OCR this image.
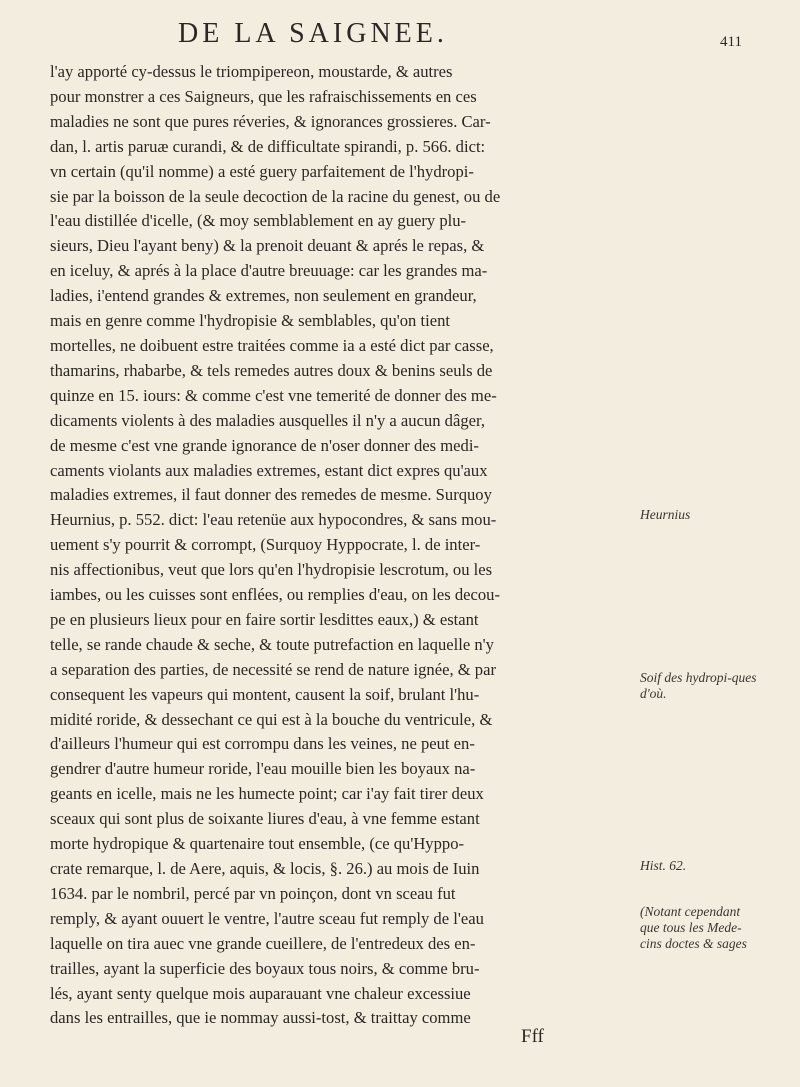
DE LA SAIGNEE.	411
l'ay apporté cy-dessus le triompipereon, moustarde, & autres
pour monstrer a ces Saigneurs, que les rafraischissements en ces
maladies ne sont que pures réveries, & ignorances grossieres. Car-
dan, l. artis paruæ curandi, & de difficultate spirandi, p. 566. dict:
vn certain (qu'il nomme) a esté guery parfaitement de l'hydropi-
sie par la boisson de la seule decoction de la racine du genest, ou de
l'eau distillée d'icelle, (& moy semblablement en ay guery plu-
sieurs, Dieu l'ayant beny) & la prenoit deuant & aprés le repas, &
en iceluy, & aprés à la place d'autre breuuage: car les grandes ma-
ladies, i'entend grandes & extremes, non seulement en grandeur,
mais en genre comme l'hydropisie & semblables, qu'on tient
mortelles, ne doibuent estre traitées comme ia a esté dict par casse,
thamarins, rhabarbe, & tels remedes autres doux & benins seuls de
quinze en 15. iours: & comme c'est vne temerité de donner des me-
dicaments violents à des maladies ausquelles il n'y a aucun dâger,
de mesme c'est vne grande ignorance de n'oser donner des medi-
caments violants aux maladies extremes, estant dict expres qu'aux
maladies extremes, il faut donner des remedes de mesme. Surquoy
Heurnius, p. 552. dict: l'eau retenüe aux hypocondres, & sans mou-
uement s'y pourrit & corrompt, (Surquoy Hyppocrate, l. de inter-
nis affectionibus, veut que lors qu'en l'hydropisie lescrotum, ou les
iambes, ou les cuisses sont enflées, ou remplies d'eau, on les decou-
pe en plusieurs lieux pour en faire sortir lesdittes eaux,) & estant
telle, se rande chaude & seche, & toute putrefaction en laquelle n'y
a separation des parties, de necessité se rend de nature ignée, & par
consequent les vapeurs qui montent, causent la soif, brulant l'hu-
midité roride, & dessechant ce qui est à la bouche du ventricule, &
d'ailleurs l'humeur qui est corrompu dans les veines, ne peut en-
gendrer d'autre humeur roride, l'eau mouille bien les boyaux na-
geants en icelle, mais ne les humecte point; car i'ay fait tirer deux
sceaux qui sont plus de soixante liures d'eau, à vne femme estant
morte hydropique & quartenaire tout ensemble, (ce qu'Hyppo-
crate remarque, l. de Aere, aquis, & locis, §. 26.) au mois de Iuin
1634. par le nombril, percé par vn poinçon, dont vn sceau fut
remply, & ayant ouuert le ventre, l'autre sceau fut remply de l'eau
laquelle on tira auec vne grande cueillere, de l'entredeux des en-
trailles, ayant la superficie des boyaux tous noirs, & comme bru-
lés, ayant senty quelque mois auparauant vne chaleur excessiue
dans les entrailles, que ie nommay aussi-tost, & traittay comme
Heurnius
Soif des hydropi-ques d'où.
Hist. 62.
(Notant cependant que tous les Mede-cins doctes & sages
Fff
